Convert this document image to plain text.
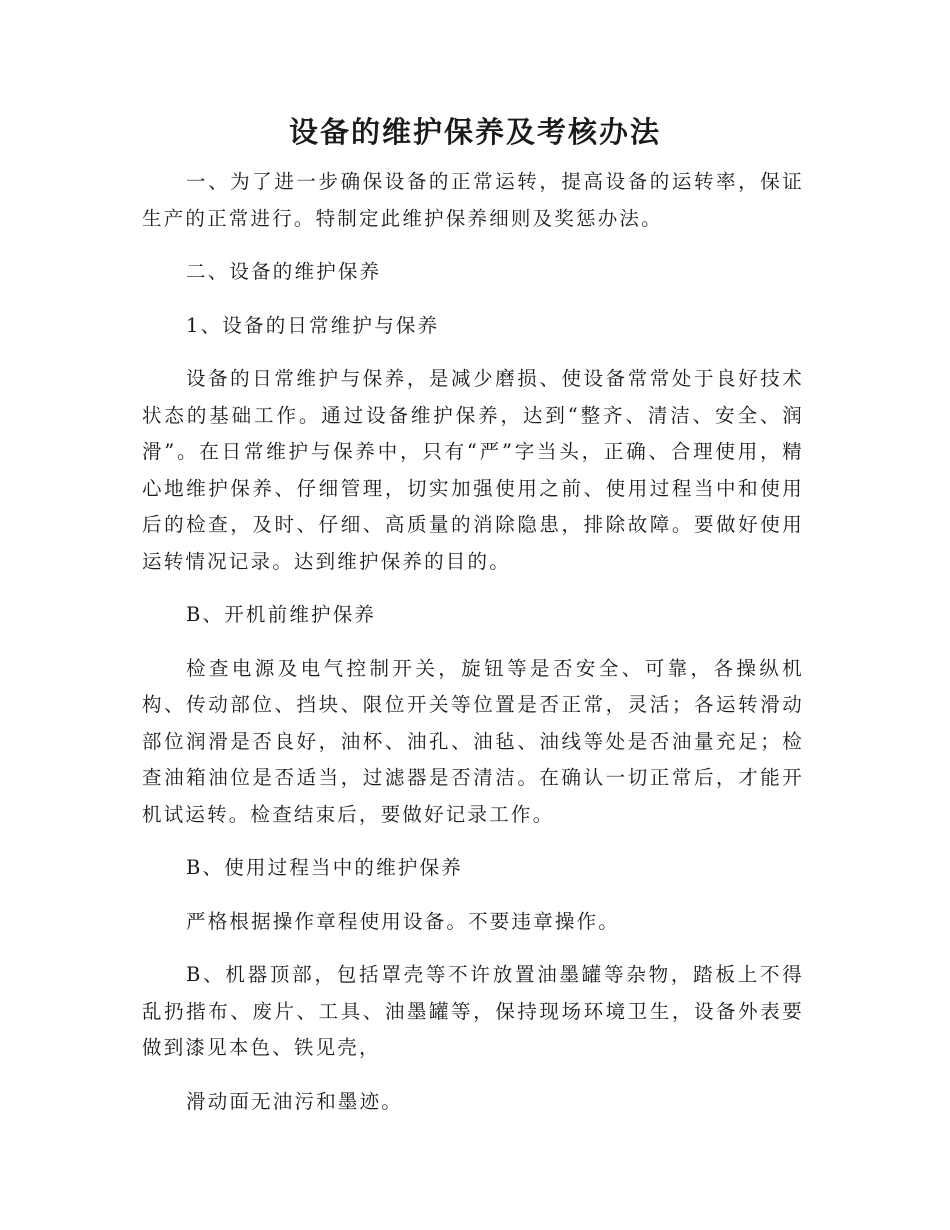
设备的维护保养及考核办法

一、为了进一步确保设备的正常运转，提高设备的运转率，保证生产的正常进行。特制定此维护保养细则及奖惩办法。

二、设备的维护保养

1、设备的日常维护与保养

设备的日常维护与保养，是减少磨损、使设备常常处于良好技术状态的基础工作。通过设备维护保养，达到“整齐、清洁、安全、润滑”。在日常维护与保养中，只有“严”字当头，正确、合理使用，精心地维护保养、仔细管理，切实加强使用之前、使用过程当中和使用后的检查，及时、仔细、高质量的消除隐患，排除故障。要做好使用运转情况记录。达到维护保养的目的。

B、开机前维护保养

检查电源及电气控制开关，旋钮等是否安全、可靠，各操纵机构、传动部位、挡块、限位开关等位置是否正常，灵活；各运转滑动部位润滑是否良好，油杯、油孔、油毡、油线等处是否油量充足；检查油箱油位是否适当，过滤器是否清洁。在确认一切正常后，才能开机试运转。检查结束后，要做好记录工作。

B、使用过程当中的维护保养

严格根据操作章程使用设备。不要违章操作。

B、机器顶部，包括罩壳等不许放置油墨罐等杂物，踏板上不得乱扔揩布、废片、工具、油墨罐等，保持现场环境卫生，设备外表要做到漆见本色、铁见壳，

滑动面无油污和墨迹。
